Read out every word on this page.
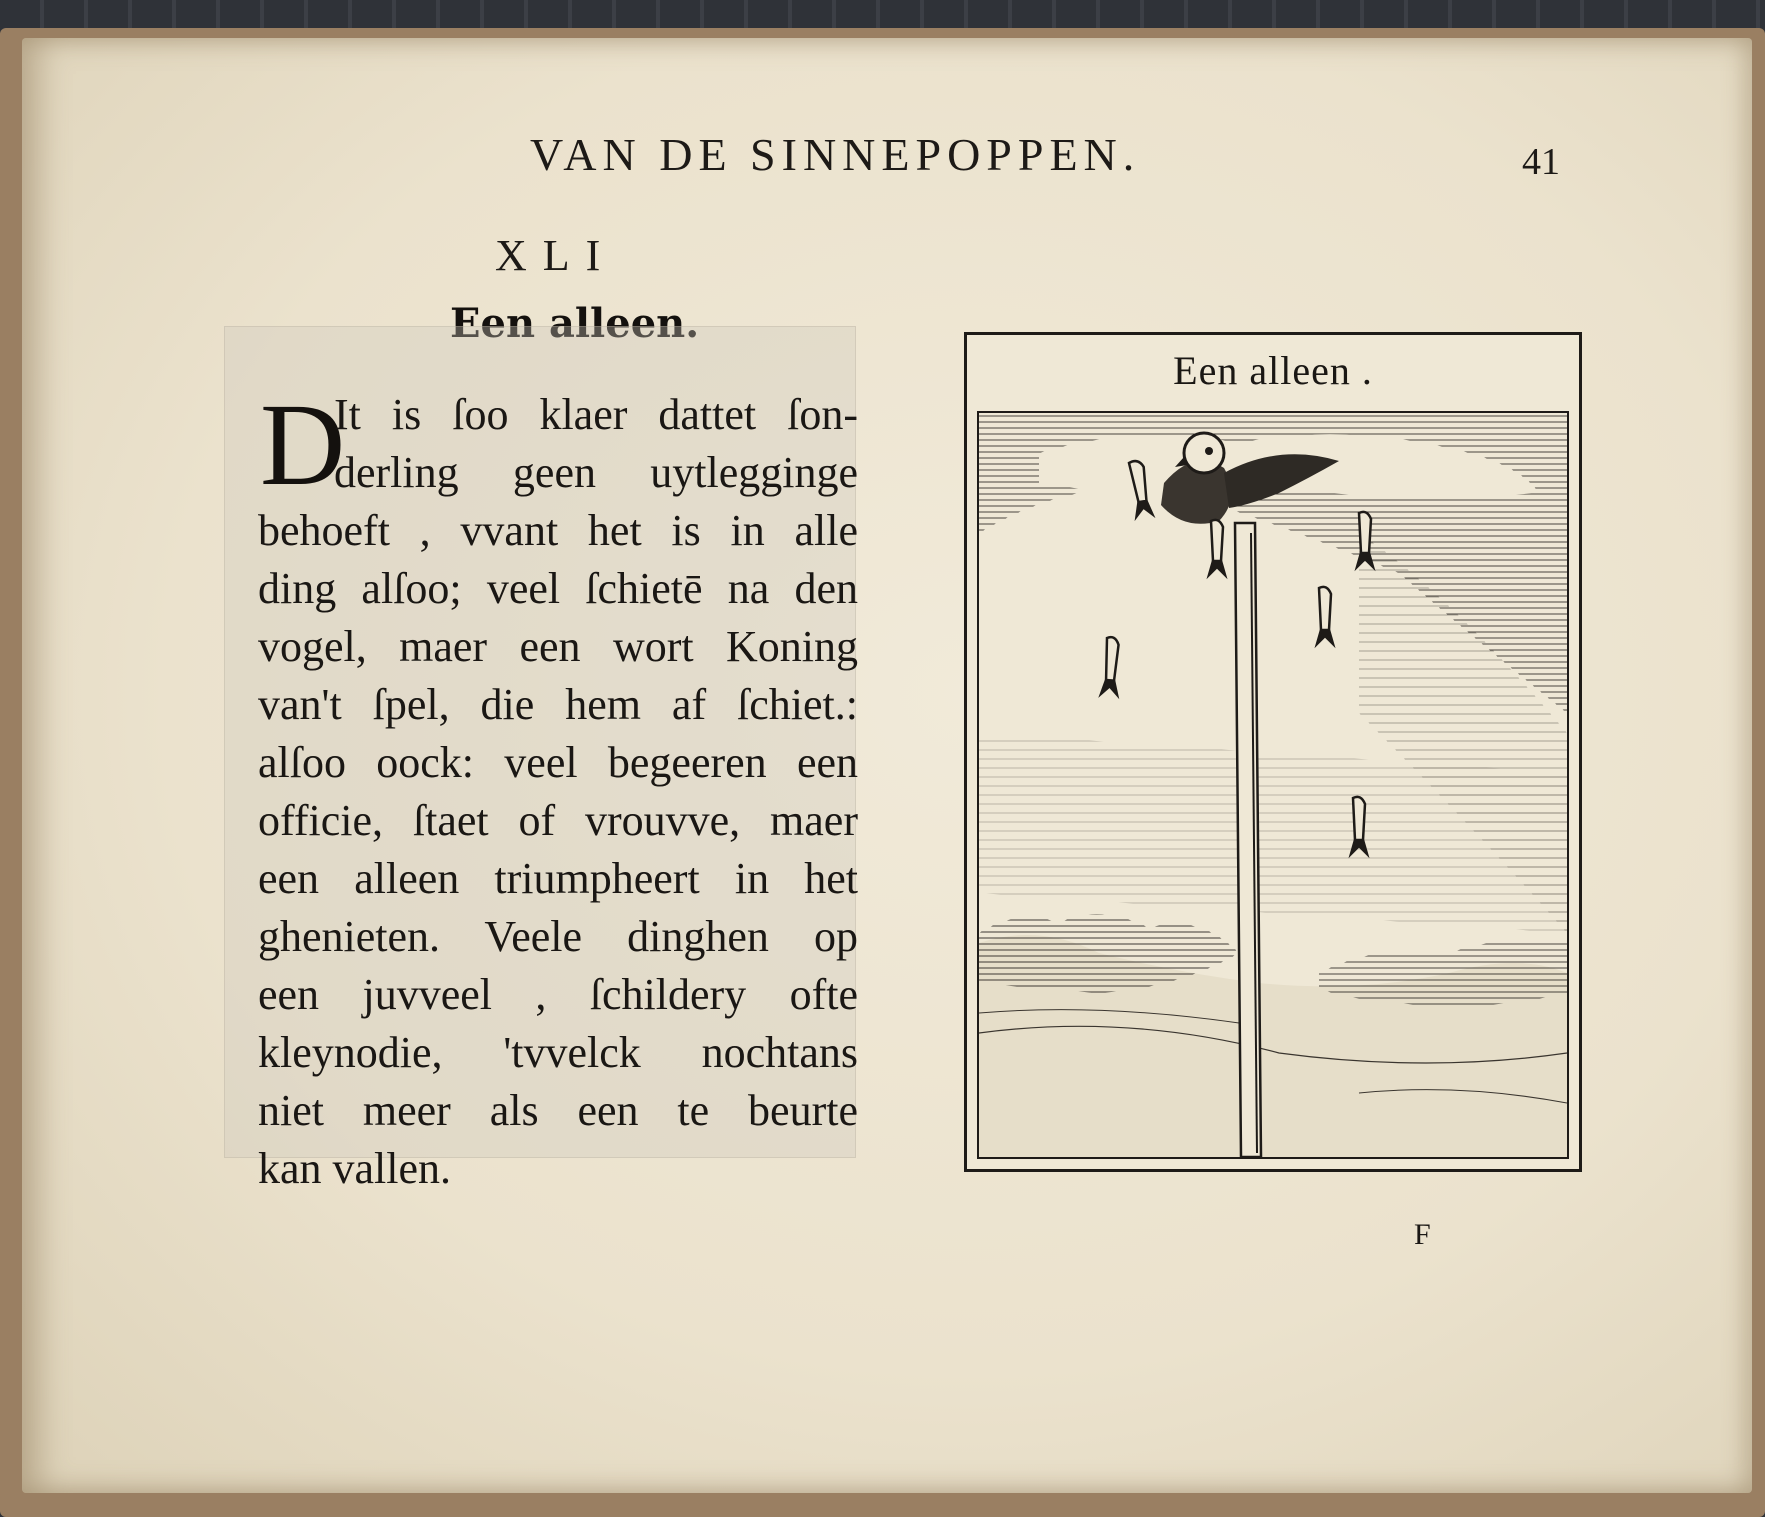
VAN DE SINNEPOPPEN.	41
XLI
Een alleen.
D
It is ſoo klaer dattet ſon-
derling geen uytlegginge
behoeft , vvant het is in alle
ding alſoo; veel ſchietē na den
vogel, maer een wort Koning
van't ſpel, die hem af ſchiet.:
alſoo oock: veel begeeren een
officie, ſtaet of vrouvve, maer
een alleen triumpheert in het
ghenieten. Veele dinghen op
een juvveel , ſchildery ofte
kleynodie, 'tvvelck nochtans
niet meer als een te beurte
kan vallen.
Een alleen .
F
